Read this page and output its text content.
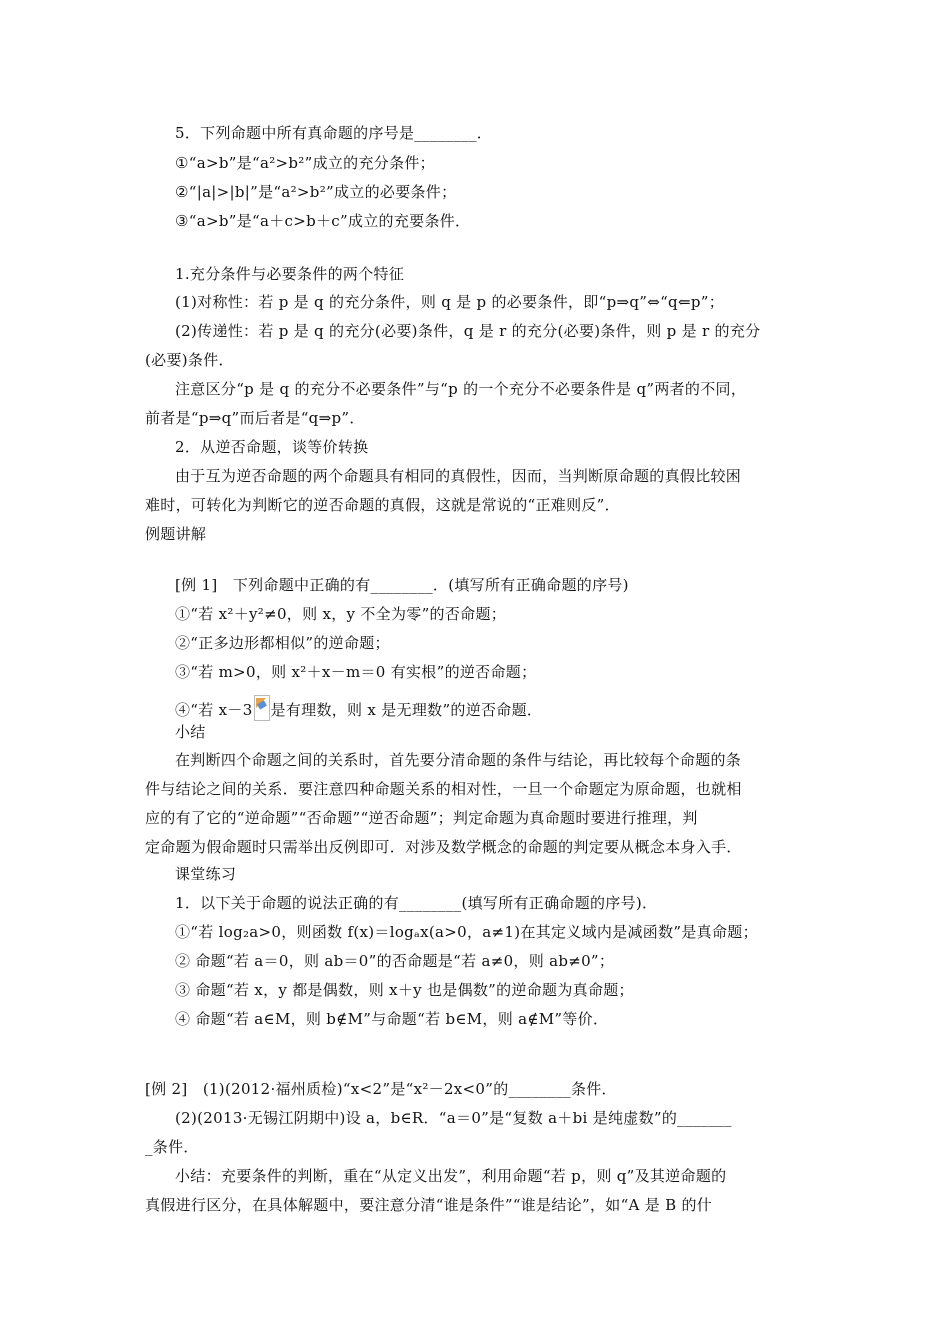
5．下列命题中所有真命题的序号是________．
①“a>b”是“a²>b²”成立的充分条件；
②“|a|>|b|”是“a²>b²”成立的必要条件；
③“a>b”是“a＋c>b＋c”成立的充要条件．
1.充分条件与必要条件的两个特征
(1)对称性：若 p 是 q 的充分条件，则 q 是 p 的必要条件，即“p⇒q”⇔“q⇐p”；
(2)传递性：若 p 是 q 的充分(必要)条件，q 是 r 的充分(必要)条件，则 p 是 r 的充分
(必要)条件．
注意区分“p 是 q 的充分不必要条件”与“p 的一个充分不必要条件是 q”两者的不同，
前者是“p⇒q”而后者是“q⇒p”．
2．从逆否命题，谈等价转换
由于互为逆否命题的两个命题具有相同的真假性，因而，当判断原命题的真假比较困
难时，可转化为判断它的逆否命题的真假，这就是常说的“正难则反”．
例题讲解
[例 1]　下列命题中正确的有________．(填写所有正确命题的序号)
①“若 x²＋y²≠0，则 x，y 不全为零”的否命题；
②“正多边形都相似”的逆命题；
③“若 m>0，则 x²＋x－m＝0 有实根”的逆否命题；
④“若 x－3 是有理数，则 x 是无理数”的逆否命题．
小结
在判断四个命题之间的关系时，首先要分清命题的条件与结论，再比较每个命题的条
件与结论之间的关系．要注意四种命题关系的相对性，一旦一个命题定为原命题，也就相
应的有了它的“逆命题”“否命题”“逆否命题”；判定命题为真命题时要进行推理，判
定命题为假命题时只需举出反例即可．对涉及数学概念的命题的判定要从概念本身入手．
课堂练习
1．以下关于命题的说法正确的有________(填写所有正确命题的序号)．
①“若 log₂a>0，则函数 f(x)＝logₐx(a>0，a≠1)在其定义域内是减函数”是真命题；
② 命题“若 a＝0，则 ab＝0”的否命题是“若 a≠0，则 ab≠0”；
③ 命题“若 x，y 都是偶数，则 x＋y 也是偶数”的逆命题为真命题；
④ 命题“若 a∈M，则 b∉M”与命题“若 b∈M，则 a∉M”等价．
[例 2]　(1)(2012·福州质检)“x<2”是“x²－2x<0”的________条件．
(2)(2013·无锡江阴期中)设 a，b∈R．“a＝0”是“复数 a＋bi 是纯虚数”的_______
_条件．
小结：充要条件的判断，重在“从定义出发”，利用命题“若 p，则 q”及其逆命题的
真假进行区分，在具体解题中，要注意分清“谁是条件”“谁是结论”，如“A 是 B 的什
